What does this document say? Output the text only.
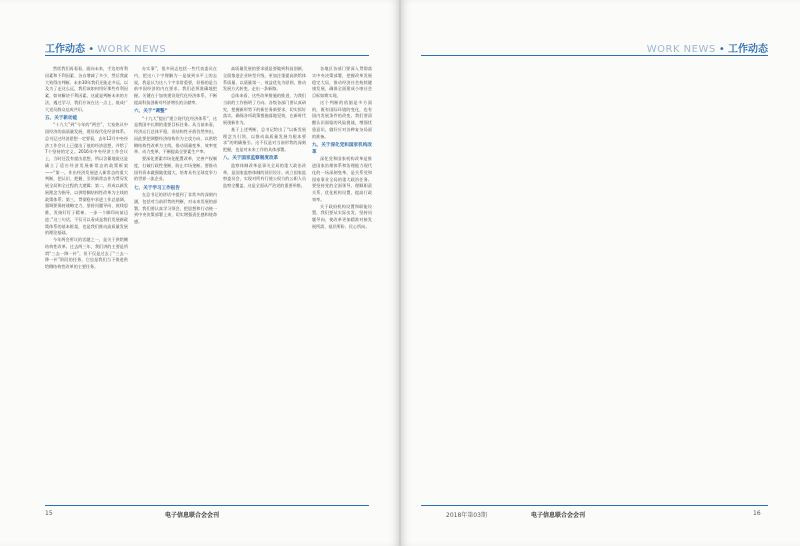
工作动态 • WORK NEWS

然括我们再看看，面向未来，手边的有利因素和不利因素、各自增减了多少，然后我就大致得出判断。未来30年我们还能走多远。以及为了走这么远，我们该如何用好那些有利因素、如何解决不利因素。这就是判断未来的方法，遇过学习，我们应该在这一点上，低成广大党员群众达成共识。

五、关于新动能

“十九大”到“今年的“两会”，大家热议中国经济的高质量发展，建设现代化经济体系。总书记过经济思想一定要看，去年12月中央经济工作会议上已提出了他的经济思想，并给了7个坚持的定义。2016年中央经济工作会议上，当时还没有提出思想，所以含蓄地说这是确立了适应经济发展新常态的政策框架——“第一，作出经济发展进入新常态的重大判断，把认识、把握、引领新常态作为贯穿发展全局和全过程的大逻辑；第二，形成以新发展理念为指导，以供给侧结构性改革为主线的政策体系；第三，贯彻稳中求进工作总基调，强调要保持战略定力，坚持问题导向、底线思维，发扬钉钉子精神，一步一个脚印向前迈进；”这三句话，不仅可以看成是我们发展新政策体系的基本框架，也是我们推动高质量发展的理论基础。

今年两会所议的话题之一，是关于供给侧结构性改革。过去两三年，我们讲的主要是所谓“三去一降一补”，但不仅是过去了“三去一降一补”阶段的任务，它也是我们当下推进供给侧结构性改革的主要任务。

办实事”，很多同志包括一些代表委员在内，把这八个字理解为一是放到水平上的去说，我是认为这八个字非常重要，但指的是当前中国经济的内在要求。我们必须准确地把握。关键在于加快建设现代化经济体系，不断提高科技创新对经济增长的贡献率。

六、关于“调整”

“十九大”提出“建立现代化经济体系”，这是我国中长期的重要目标任务。从当前来看，经济运行总体平稳，但结构性矛盾仍然突出，因此要把调整经济结构作为主攻方向，以供给侧结构性改革为主线，推动质量变革、效率变革、动力变革，不断提高全要素生产率。

要深化要素市场化配置改革，完善产权制度，打破行政性垄断，防止市场垄断。要推动国有资本做强做优做大，培育具有全球竞争力的世界一流企业。

七、关于学习工作报告

在总书记的讲话中提到了非常多的深刻内涵，包括对当前形势的判断，对未来发展的部署。我们要认真学习领会，把思想和行动统一到中央决策部署上来，切实增强责任感和使命感。

高质量发展的要求就是要做到科技创新，全面推进企业转型升级，更加注重提高供给体系质量，以质量第一、效益优先为原则，推动发展方式转变，走出一条新路。

总体来看，这些改革措施的推进，为我们当前的工作指明了方向。各级各部门要认真研究，把握新形势下的新任务新要求，切实抓好落实，确保各项政策措施落地见效，在新时代展现新作为。

基于上述判断，总书记给出了“以新发展理念为引领，以推动高质量发展为根本要求”的明确指引。这不仅是对当前形势的深刻把握，也是对未来工作的具体部署。

八、关于国家监察制度改革

监察体制改革是事关全局的重大政治改革，是国家监察体制的顶层设计。成立国家监察委员会，实现对所有行使公权力的公职人员监察全覆盖，这是全面从严治党的重要举措。

各地区各部门要深入贯彻落实中央决策部署，把握改革发展稳定大局，推动经济社会持续健康发展，确保全面建成小康社会目标如期实现。

这个判断的依据是多方面的，既有国际环境的变化，也有国内发展条件的改变。我们要清醒认识面临的风险挑战，增强忧患意识，做好应对各种复杂局面的准备。

九、关于深化党和国家机构改革

深化党和国家机构改革是推进国家治理体系和治理能力现代化的一场深刻变革，是关系党和国家事业全局的重大政治任务。要坚持党的全面领导，理顺职责关系，优化机构设置，提高行政效率。

关于政府机构设置和职能设置，我们要从实际出发，坚持问题导向，使改革更加精准对接发展所需、基层所盼、民心所向。

15	电子信息联合会会刊
WORK NEWS • 工作动态
2018年第03期	电子信息联合会会刊	16
